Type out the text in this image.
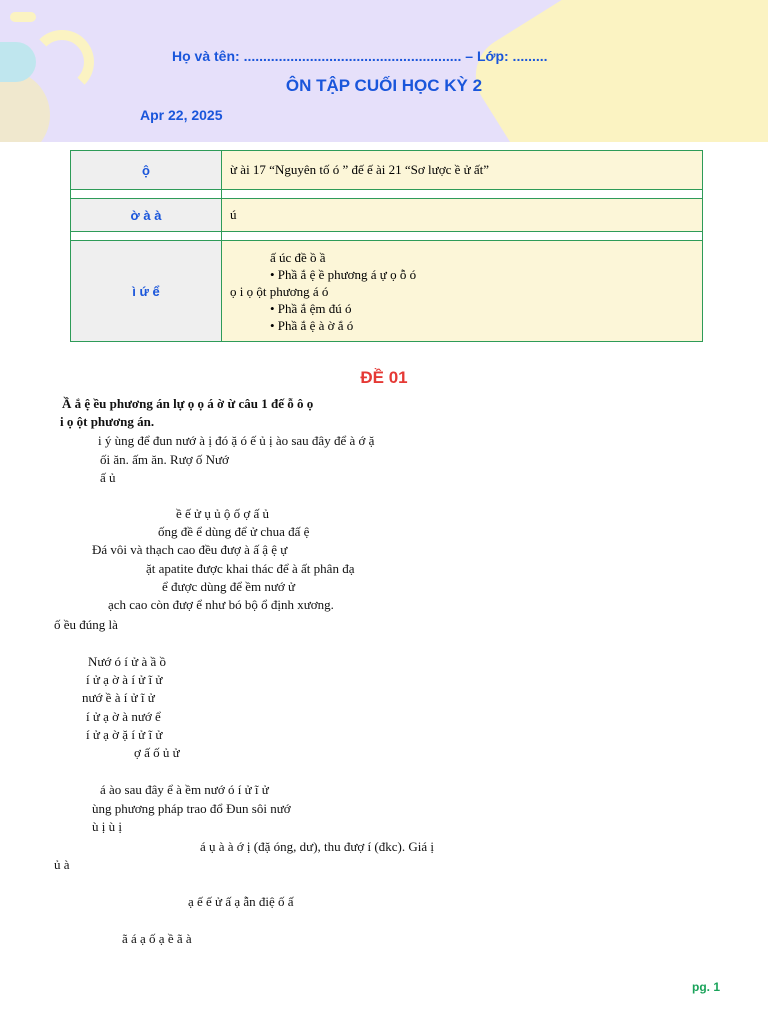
Họ và tên: ........................................................ – Lớp: .........
ÔN TẬP CUỐI HỌC KỲ 2
Apr 22, 2025
ộ	ừ ài 17 “Nguyên tố ó ” đế ế ài 21 “Sơ lược ề ử ất”

ờ à à	ú

ì ứ ể	ấ úc đề ồ ầ
• Phầ ắ ệ ề phương á ự ọ ỗ ó
ọ i ọ ột phương á ó
• Phầ ắ ệm đú ó
• Phầ ắ ệ à ờ ắ ó
ĐỀ 01
Ầ ắ ệ ều phương án lự ọ ọ á ờ ừ câu 1 đế ỗ ô ọ
i ọ ột phương án.
i ý ùng để đun nướ à ị đó ặ ó ế ủ ị ào sau đây để à ớ ặ
ối ăn. ấm ăn. Rượ ố Nướ
ấ ủ
ề ế ử ụ ủ ộ ố ợ ấ ủ
ống đề ể dùng để ử chua đấ ệ
Đá vôi và thạch cao đều đượ à ấ ậ ệ ự
ặt apatite được khai thác để à ất phân đạ
ể được dùng để ềm nướ ử
ạch cao còn đượ ể như bó bộ ổ định xương.
ố ều đúng là
Nướ ó í ử à ầ ồ
í ử ạ ờ à í ử ĩ ử
nướ ề à í ử ĩ ử
í ử ạ ờ à nướ ể
í ử ạ ờ ặ í ử ĩ ử
ợ ấ ố ủ ử
á ào sau đây ể à ềm nướ ó í ử ĩ ử
ùng phương pháp trao đổ Đun sôi nướ
ù ị ù ị
á ụ à à ớ ị (đặ óng, dư), thu đượ í (đkc). Giá ị
ủ à
ạ ế ế ử ấ ạ ẫn điệ ố ấ
ã á ạ ố ạ ề ã à
pg. 1
